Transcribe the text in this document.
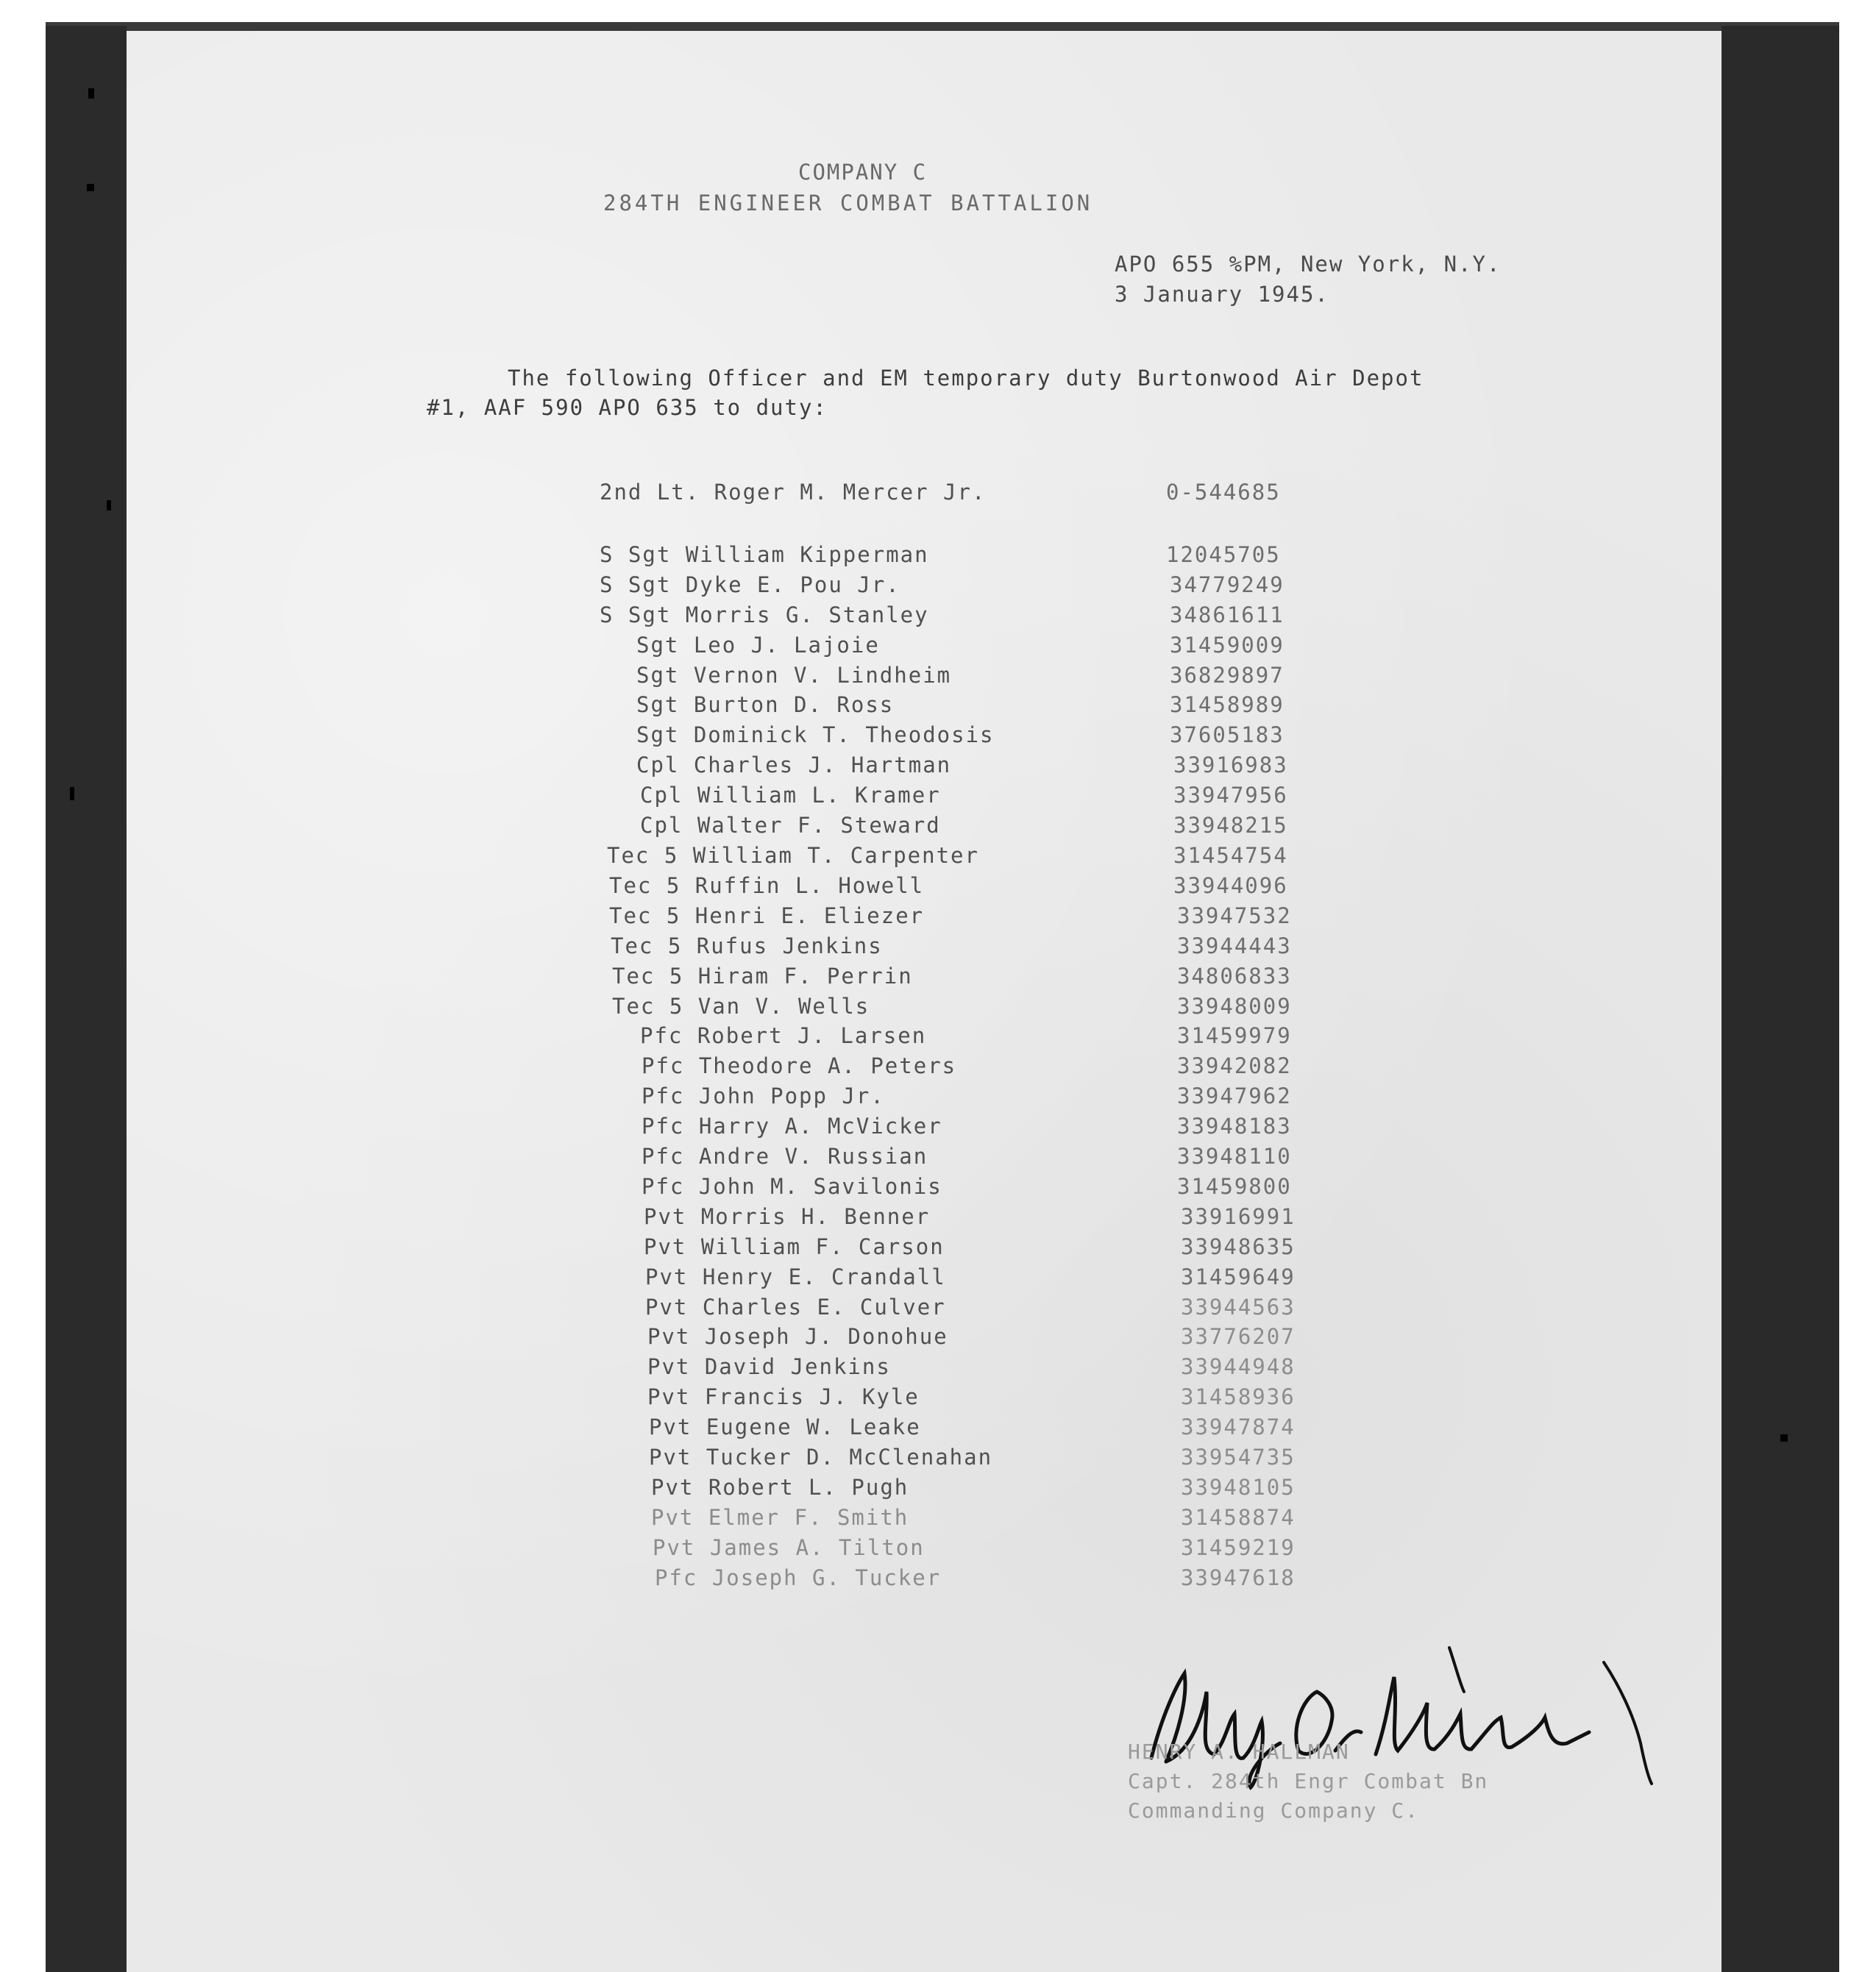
COMPANY C
284TH ENGINEER COMBAT BATTALION
APO 655 %PM, New York, N.Y.
3 January 1945.
The following Officer and EM temporary duty Burtonwood Air Depot
#1, AAF 590 APO 635 to duty:
2nd Lt. Roger M. Mercer Jr.	0-544685
S Sgt William Kipperman	12045705
S Sgt Dyke E. Pou Jr.	34779249
S Sgt Morris G. Stanley	34861611
Sgt Leo J. Lajoie	31459009
Sgt Vernon V. Lindheim	36829897
Sgt Burton D. Ross	31458989
Sgt Dominick T. Theodosis	37605183
Cpl Charles J. Hartman	33916983
Cpl William L. Kramer	33947956
Cpl Walter F. Steward	33948215
Tec 5 William T. Carpenter	31454754
Tec 5 Ruffin L. Howell	33944096
Tec 5 Henri E. Eliezer	33947532
Tec 5 Rufus Jenkins	33944443
Tec 5 Hiram F. Perrin	34806833
Tec 5 Van V. Wells	33948009
Pfc Robert J. Larsen	31459979
Pfc Theodore A. Peters	33942082
Pfc John Popp Jr.	33947962
Pfc Harry A. McVicker	33948183
Pfc Andre V. Russian	33948110
Pfc John M. Savilonis	31459800
Pvt Morris H. Benner	33916991
Pvt William F. Carson	33948635
Pvt Henry E. Crandall	31459649
Pvt Charles E. Culver	33944563
Pvt Joseph J. Donohue	33776207
Pvt David Jenkins	33944948
Pvt Francis J. Kyle	31458936
Pvt Eugene W. Leake	33947874
Pvt Tucker D. McClenahan	33954735
Pvt Robert L. Pugh	33948105
Pvt Elmer F. Smith	31458874
Pvt James A. Tilton	31459219
Pfc Joseph G. Tucker	33947618
HENRY A. HALLMAN
Capt. 284th Engr Combat Bn
Commanding Company C.
